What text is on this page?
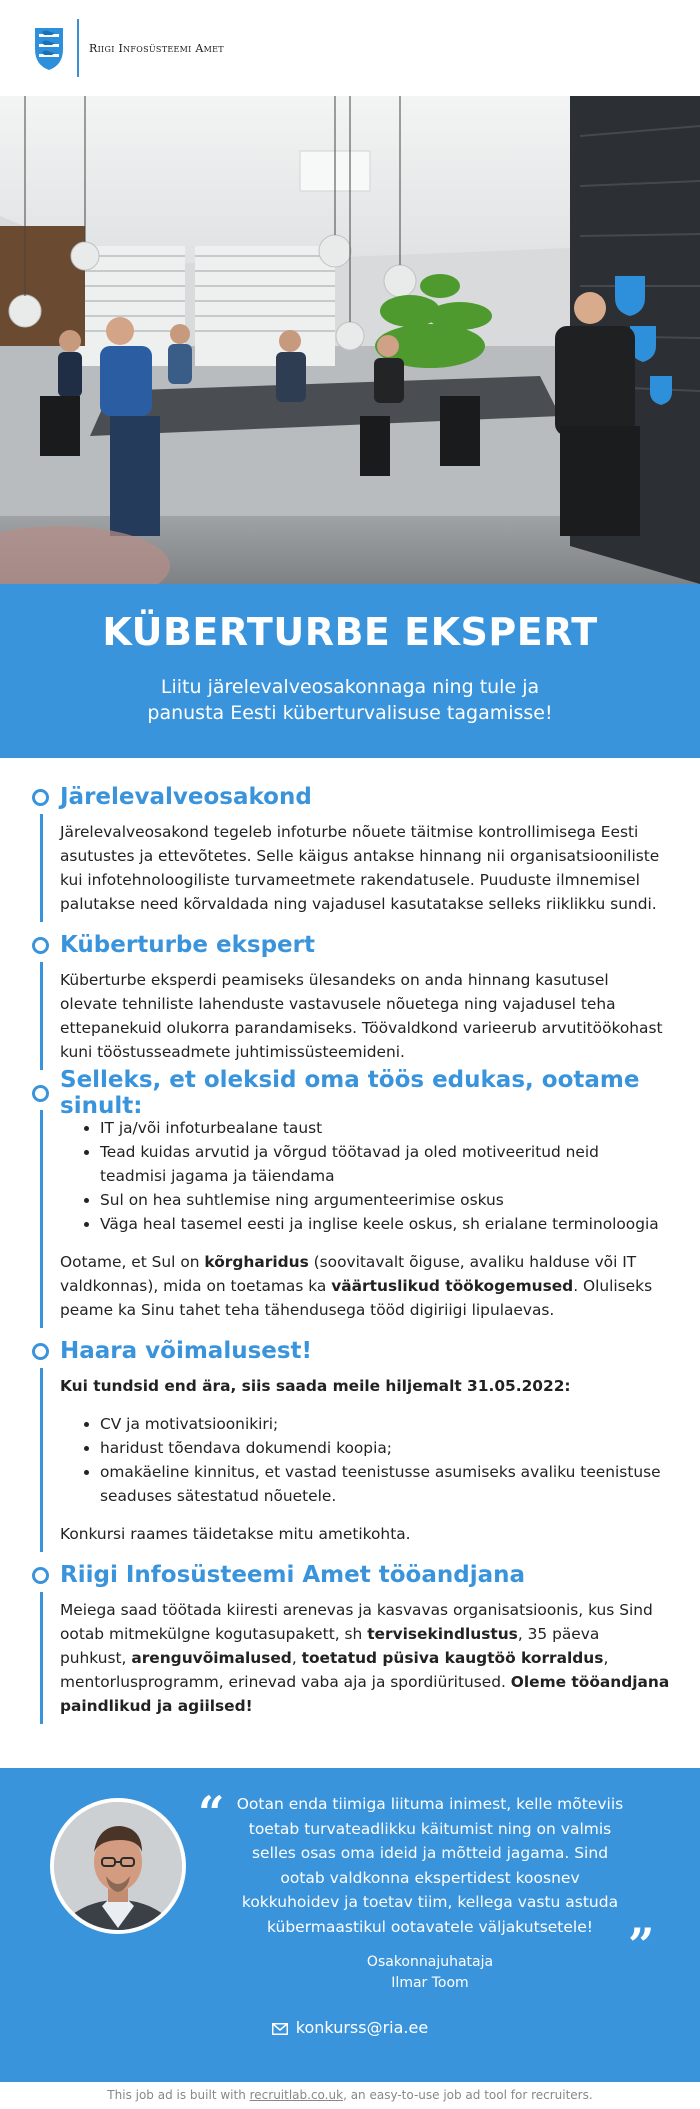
Riigi Infosüsteemi Amet
KÜBERTURBE EKSPERT
Liitu järelevalveosakonnaga ning tule ja panusta Eesti küberturvalisuse tagamisse!
Järelevalveosakond

Järelevalveosakond tegeleb infoturbe nõuete täitmise kontrollimisega Eesti asutustes ja ettevõtetes. Selle käigus antakse hinnang nii organisatsiooniliste kui infotehnoloogiliste turvameetmete rakendatusele. Puuduste ilmnemisel palutakse need kõrvaldada ning vajadusel kasutatakse selleks riiklikku sundi.

Küberturbe ekspert

Küberturbe eksperdi peamiseks ülesandeks on anda hinnang kasutusel olevate tehniliste lahenduste vastavusele nõuetega ning vajadusel teha ettepanekuid olukorra parandamiseks. Töövaldkond varieerub arvutitöökohast kuni tööstusseadmete juhtimissüsteemideni.

Selleks, et oleksid oma töös edukas, ootame sinult:
IT ja/või infoturbealane taust
Tead kuidas arvutid ja võrgud töötavad ja oled motiveeritud neid teadmisi jagama ja täiendama
Sul on hea suhtlemise ning argumenteerimise oskus
Väga heal tasemel eesti ja inglise keele oskus, sh erialane terminoloogia

Ootame, et Sul on kõrgharidus (soovitavalt õiguse, avaliku halduse või IT valdkonnas), mida on toetamas ka väärtuslikud töökogemused. Oluliseks peame ka Sinu tahet teha tähendusega tööd digiriigi lipulaevas.

Haara võimalusest!

Kui tundsid end ära, siis saada meile hiljemalt 31.05.2022:

CV ja motivatsioonikiri;
haridust tõendava dokumendi koopia;
omakäeline kinnitus, et vastad teenistusse asumiseks avaliku teenistuse seaduses sätestatud nõuetele.

Konkursi raames täidetakse mitu ametikohta.

Riigi Infosüsteemi Amet tööandjana

Meiega saad töötada kiiresti arenevas ja kasvavas organisatsioonis, kus Sind ootab mitmekülgne kogutasupakett, sh tervisekindlustus, 35 päeva puhkust, arenguvõimalused, toetatud püsiva kaugtöö korraldus, mentorlusprogramm, erinevad vaba aja ja spordiüritused. Oleme tööandjana paindlikud ja agiilsed!

“ Ootan enda tiimiga liituma inimest, kelle mõteviis toetab turvateadlikku käitumist ning on valmis selles osas oma ideid ja mõtteid jagama. Sind ootab valdkonna ekspertidest koosnev kokkuhoidev ja toetav tiim, kellega vastu astuda kübermaastikul ootavatele väljakutsetele! ”
Osakonnajuhataja
Ilmar Toom
konkurss@ria.ee
This job ad is built with recruitlab.co.uk, an easy-to-use job ad tool for recruiters.
